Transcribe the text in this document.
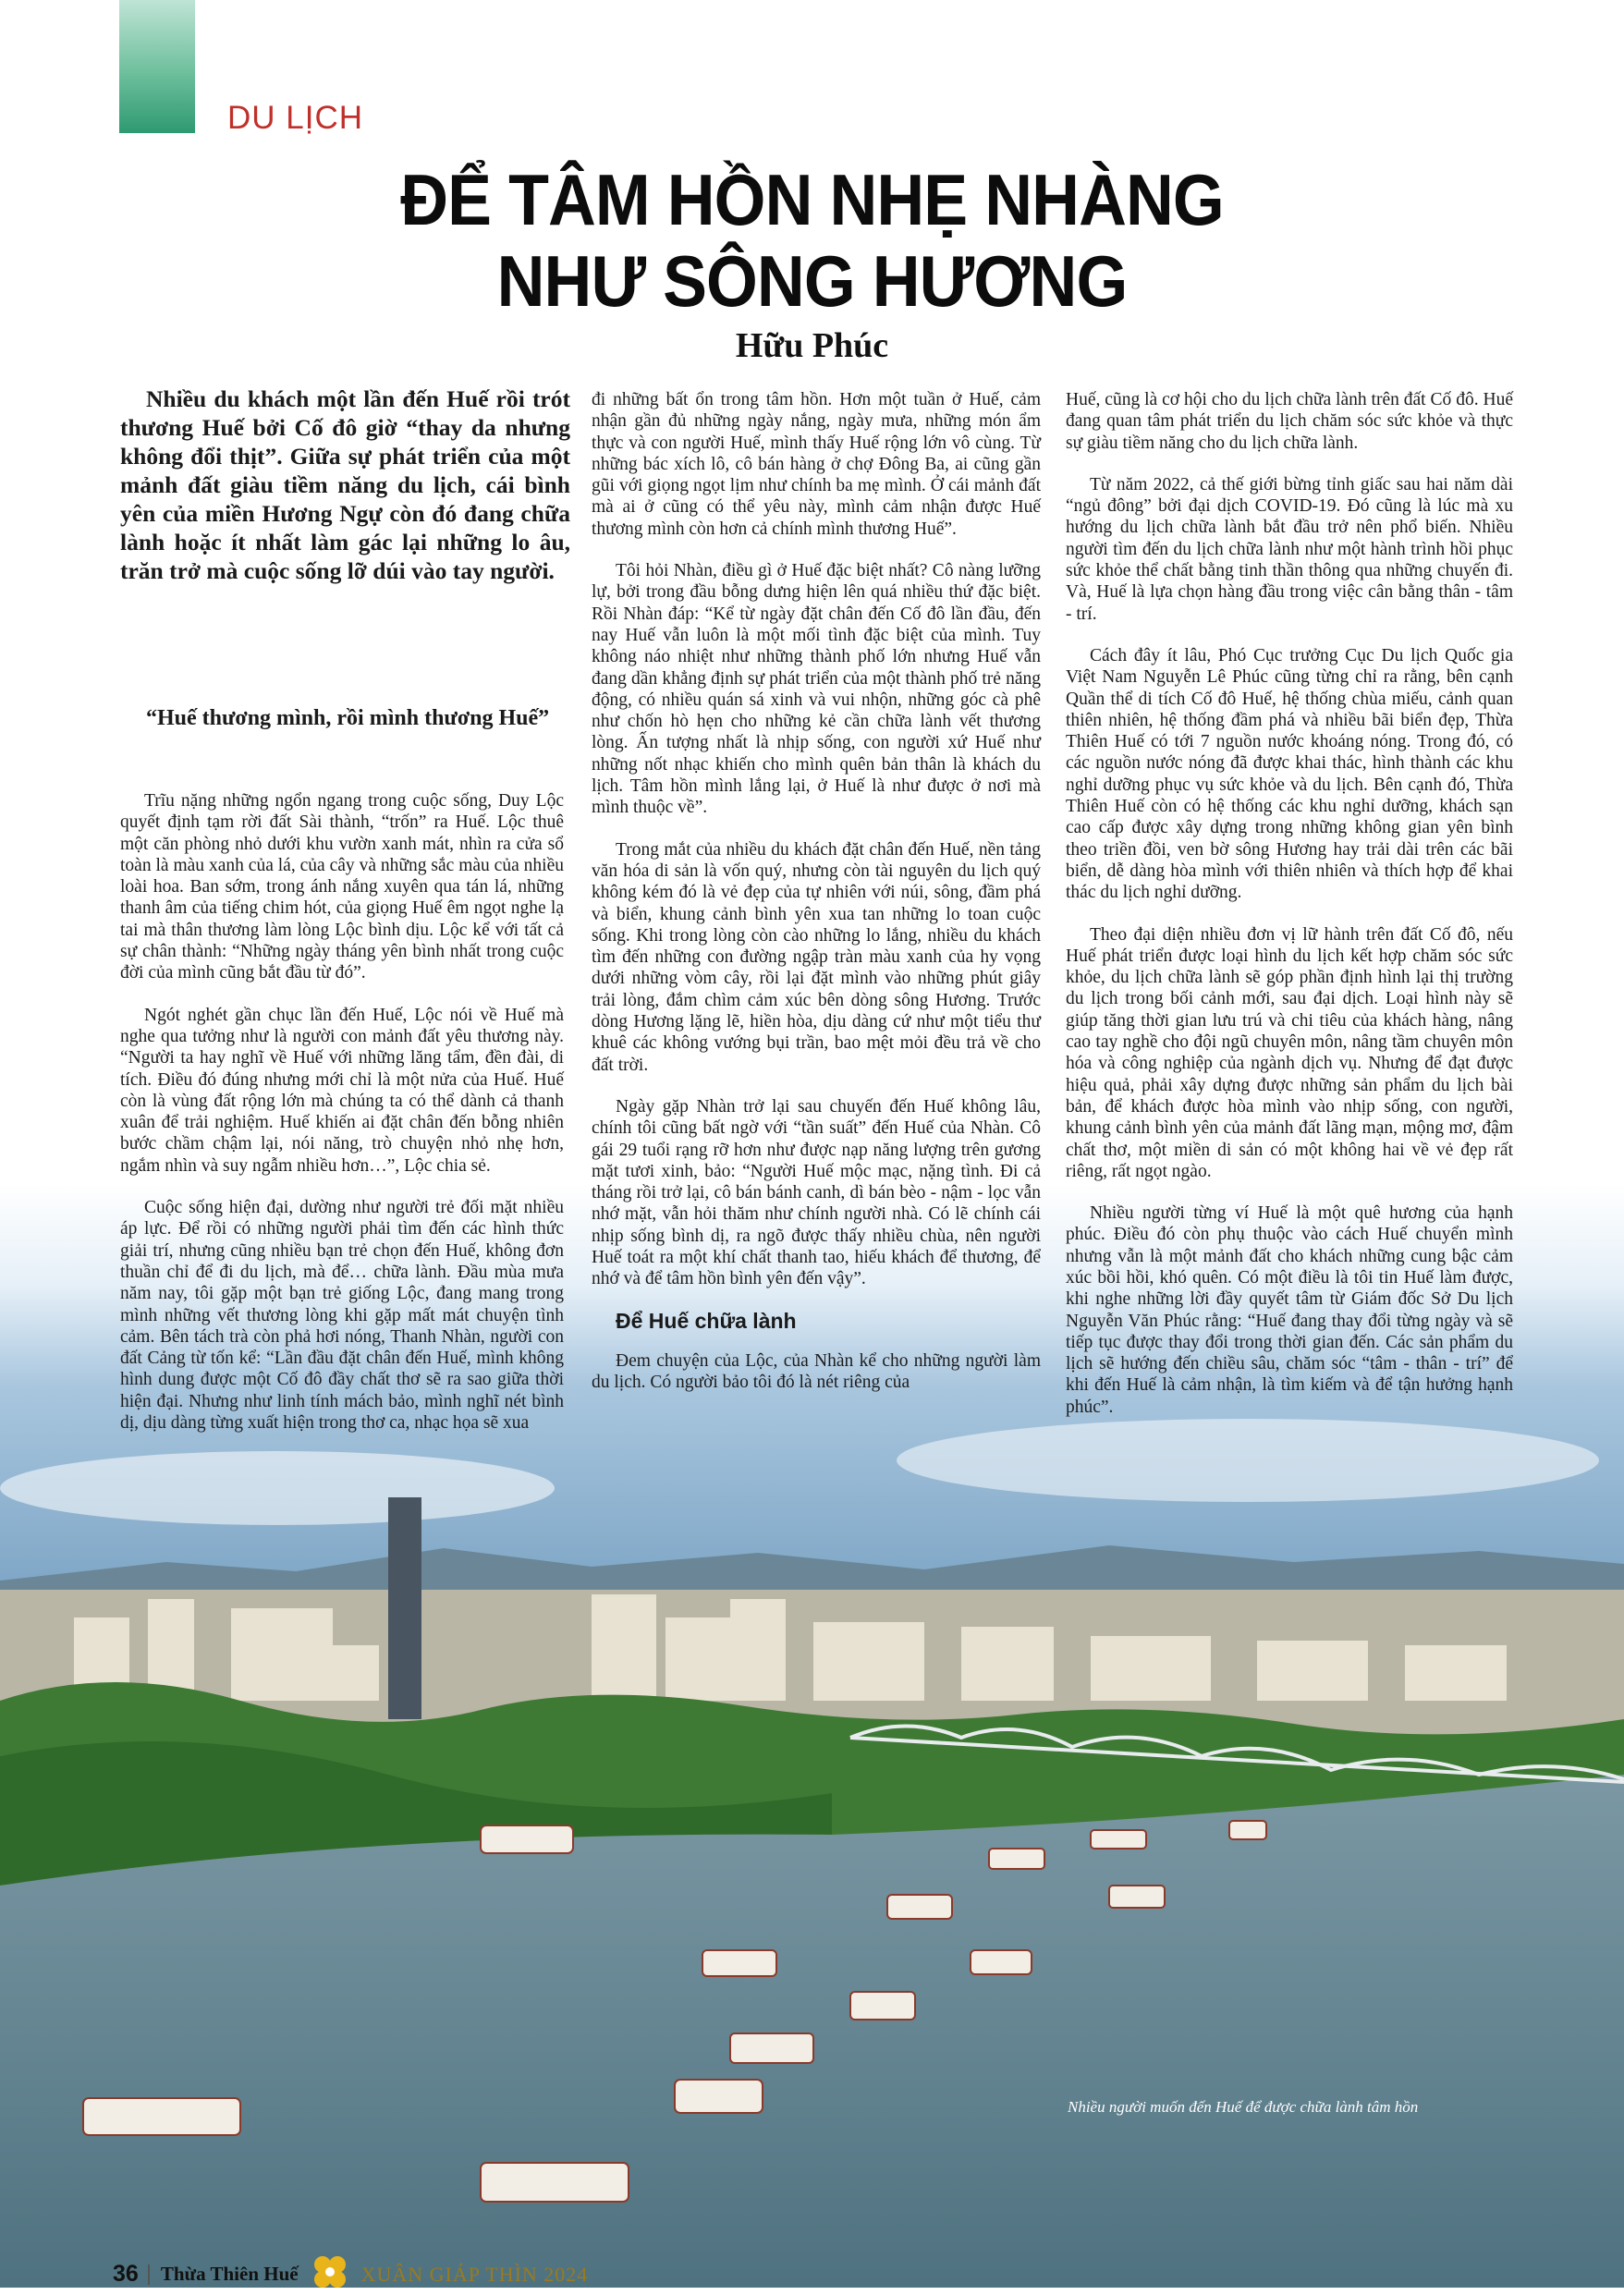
DU LỊCH
ĐỂ TÂM HỒN NHẸ NHÀNG
NHƯ SÔNG HƯƠNG
Hữu Phúc
Nhiều du khách một lần đến Huế rồi trót thương Huế bởi Cố đô giờ “thay da nhưng không đổi thịt”. Giữa sự phát triển của một mảnh đất giàu tiềm năng du lịch, cái bình yên của miền Hương Ngự còn đó đang chữa lành hoặc ít nhất làm gác lại những lo âu, trăn trở mà cuộc sống lỡ dúi vào tay người.
“Huế thương mình, rồi mình thương Huế”

Trĩu nặng những ngổn ngang trong cuộc sống, Duy Lộc quyết định tạm rời đất Sài thành, “trốn” ra Huế. Lộc thuê một căn phòng nhỏ dưới khu vườn xanh mát, nhìn ra cửa sổ toàn là màu xanh của lá, của cây và những sắc màu của nhiều loài hoa. Ban sớm, trong ánh nắng xuyên qua tán lá, những thanh âm của tiếng chim hót, của giọng Huế êm ngọt nghe lạ tai mà thân thương làm lòng Lộc bình dịu. Lộc kể với tất cả sự chân thành: “Những ngày tháng yên bình nhất trong cuộc đời của mình cũng bắt đầu từ đó”.

Ngót nghét gần chục lần đến Huế, Lộc nói về Huế mà nghe qua tưởng như là người con mảnh đất yêu thương này. “Người ta hay nghĩ về Huế với những lăng tẩm, đền đài, di tích. Điều đó đúng nhưng mới chỉ là một nửa của Huế. Huế còn là vùng đất rộng lớn mà chúng ta có thể dành cả thanh xuân để trải nghiệm. Huế khiến ai đặt chân đến bỗng nhiên bước chầm chậm lại, nói năng, trò chuyện nhỏ nhẹ hơn, ngắm nhìn và suy ngẫm nhiều hơn…”, Lộc chia sẻ.

Cuộc sống hiện đại, dường như người trẻ đối mặt nhiều áp lực. Để rồi có những người phải tìm đến các hình thức giải trí, nhưng cũng nhiều bạn trẻ chọn đến Huế, không đơn thuần chỉ để đi du lịch, mà để… chữa lành. Đầu mùa mưa năm nay, tôi gặp một bạn trẻ giống Lộc, đang mang trong mình những vết thương lòng khi gặp mất mát chuyện tình cảm. Bên tách trà còn phả hơi nóng, Thanh Nhàn, người con đất Cảng từ tốn kể: “Lần đầu đặt chân đến Huế, mình không hình dung được một Cố đô đầy chất thơ sẽ ra sao giữa thời hiện đại. Nhưng như linh tính mách bảo, mình nghĩ nét bình dị, dịu dàng từng xuất hiện trong thơ ca, nhạc họa sẽ xua

đi những bất ổn trong tâm hồn. Hơn một tuần ở Huế, cảm nhận gần đủ những ngày nắng, ngày mưa, những món ẩm thực và con người Huế, mình thấy Huế rộng lớn vô cùng. Từ những bác xích lô, cô bán hàng ở chợ Đông Ba, ai cũng gần gũi với giọng ngọt lịm như chính ba mẹ mình. Ở cái mảnh đất mà ai ở cũng có thể yêu này, mình cảm nhận được Huế thương mình còn hơn cả chính mình thương Huế”.

Tôi hỏi Nhàn, điều gì ở Huế đặc biệt nhất? Cô nàng lưỡng lự, bởi trong đầu bỗng dưng hiện lên quá nhiều thứ đặc biệt. Rồi Nhàn đáp: “Kể từ ngày đặt chân đến Cố đô lần đầu, đến nay Huế vẫn luôn là một mối tình đặc biệt của mình. Tuy không náo nhiệt như những thành phố lớn nhưng Huế vẫn đang dần khẳng định sự phát triển của một thành phố trẻ năng động, có nhiều quán sá xinh và vui nhộn, những góc cà phê như chốn hò hẹn cho những kẻ cần chữa lành vết thương lòng. Ấn tượng nhất là nhịp sống, con người xứ Huế như những nốt nhạc khiến cho mình quên bản thân là khách du lịch. Tâm hồn mình lắng lại, ở Huế là như được ở nơi mà mình thuộc về”.

Trong mắt của nhiều du khách đặt chân đến Huế, nền tảng văn hóa di sản là vốn quý, nhưng còn tài nguyên du lịch quý không kém đó là vẻ đẹp của tự nhiên với núi, sông, đầm phá và biển, khung cảnh bình yên xua tan những lo toan cuộc sống. Khi trong lòng còn cào những lo lắng, nhiều du khách tìm đến những con đường ngập tràn màu xanh của hy vọng dưới những vòm cây, rồi lại đặt mình vào những phút giây trải lòng, đắm chìm cảm xúc bên dòng sông Hương. Trước dòng Hương lặng lẽ, hiền hòa, dịu dàng cứ như một tiểu thư khuê các không vướng bụi trần, bao mệt mỏi đều trả về cho đất trời.

Ngày gặp Nhàn trở lại sau chuyến đến Huế không lâu, chính tôi cũng bất ngờ với “tần suất” đến Huế của Nhàn. Cô gái 29 tuổi rạng rỡ hơn như được nạp năng lượng trên gương mặt tươi xinh, bảo: “Người Huế mộc mạc, nặng tình. Đi cả tháng rồi trở lại, cô bán bánh canh, dì bán bèo - nậm - lọc vẫn nhớ mặt, vẫn hỏi thăm như chính người nhà. Có lẽ chính cái nhịp sống bình dị, ra ngõ được thấy nhiều chùa, nên người Huế toát ra một khí chất thanh tao, hiếu khách để thương, để nhớ và để tâm hồn bình yên đến vậy”.

Để Huế chữa lành

Đem chuyện của Lộc, của Nhàn kể cho những người làm du lịch. Có người bảo tôi đó là nét riêng của

Huế, cũng là cơ hội cho du lịch chữa lành trên đất Cố đô. Huế đang quan tâm phát triển du lịch chăm sóc sức khỏe và thực sự giàu tiềm năng cho du lịch chữa lành.

Từ năm 2022, cả thế giới bừng tỉnh giấc sau hai năm dài “ngủ đông” bởi đại dịch COVID-19. Đó cũng là lúc mà xu hướng du lịch chữa lành bắt đầu trở nên phổ biến. Nhiều người tìm đến du lịch chữa lành như một hành trình hồi phục sức khỏe thể chất bằng tinh thần thông qua những chuyến đi. Và, Huế là lựa chọn hàng đầu trong việc cân bằng thân - tâm - trí.

Cách đây ít lâu, Phó Cục trưởng Cục Du lịch Quốc gia Việt Nam Nguyễn Lê Phúc cũng từng chỉ ra rằng, bên cạnh Quần thể di tích Cố đô Huế, hệ thống chùa miếu, cảnh quan thiên nhiên, hệ thống đầm phá và nhiều bãi biển đẹp, Thừa Thiên Huế có tới 7 nguồn nước khoáng nóng. Trong đó, có các nguồn nước nóng đã được khai thác, hình thành các khu nghỉ dưỡng phục vụ sức khỏe và du lịch. Bên cạnh đó, Thừa Thiên Huế còn có hệ thống các khu nghỉ dưỡng, khách sạn cao cấp được xây dựng trong những không gian yên bình theo triền đồi, ven bờ sông Hương hay trải dài trên các bãi biển, dễ dàng hòa mình với thiên nhiên và thích hợp để khai thác du lịch nghỉ dưỡng.

Theo đại diện nhiều đơn vị lữ hành trên đất Cố đô, nếu Huế phát triển được loại hình du lịch kết hợp chăm sóc sức khỏe, du lịch chữa lành sẽ góp phần định hình lại thị trường du lịch trong bối cảnh mới, sau đại dịch. Loại hình này sẽ giúp tăng thời gian lưu trú và chi tiêu của khách hàng, nâng cao tay nghề cho đội ngũ chuyên môn, nâng tầm chuyên môn hóa và công nghiệp của ngành dịch vụ. Nhưng để đạt được hiệu quả, phải xây dựng được những sản phẩm du lịch bài bản, để khách được hòa mình vào nhịp sống, con người, khung cảnh bình yên của mảnh đất lãng mạn, mộng mơ, đậm chất thơ, một miền di sản có một không hai về vẻ đẹp rất riêng, rất ngọt ngào.

Nhiều người từng ví Huế là một quê hương của hạnh phúc. Điều đó còn phụ thuộc vào cách Huế chuyển mình nhưng vẫn là một mảnh đất cho khách những cung bậc cảm xúc bồi hồi, khó quên. Có một điều là tôi tin Huế làm được, khi nghe những lời đầy quyết tâm từ Giám đốc Sở Du lịch Nguyễn Văn Phúc rằng: “Huế đang thay đổi từng ngày và sẽ tiếp tục được thay đổi trong thời gian đến. Các sản phẩm du lịch sẽ hướng đến chiều sâu, chăm sóc “tâm - thân - trí” để khi đến Huế là cảm nhận, là tìm kiếm và để tận hưởng hạnh phúc”.

Nhiều người muốn đến Huế để được chữa lành tâm hồn
36 Thừa Thiên Huế	XUÂN GIÁP THÌN 2024
